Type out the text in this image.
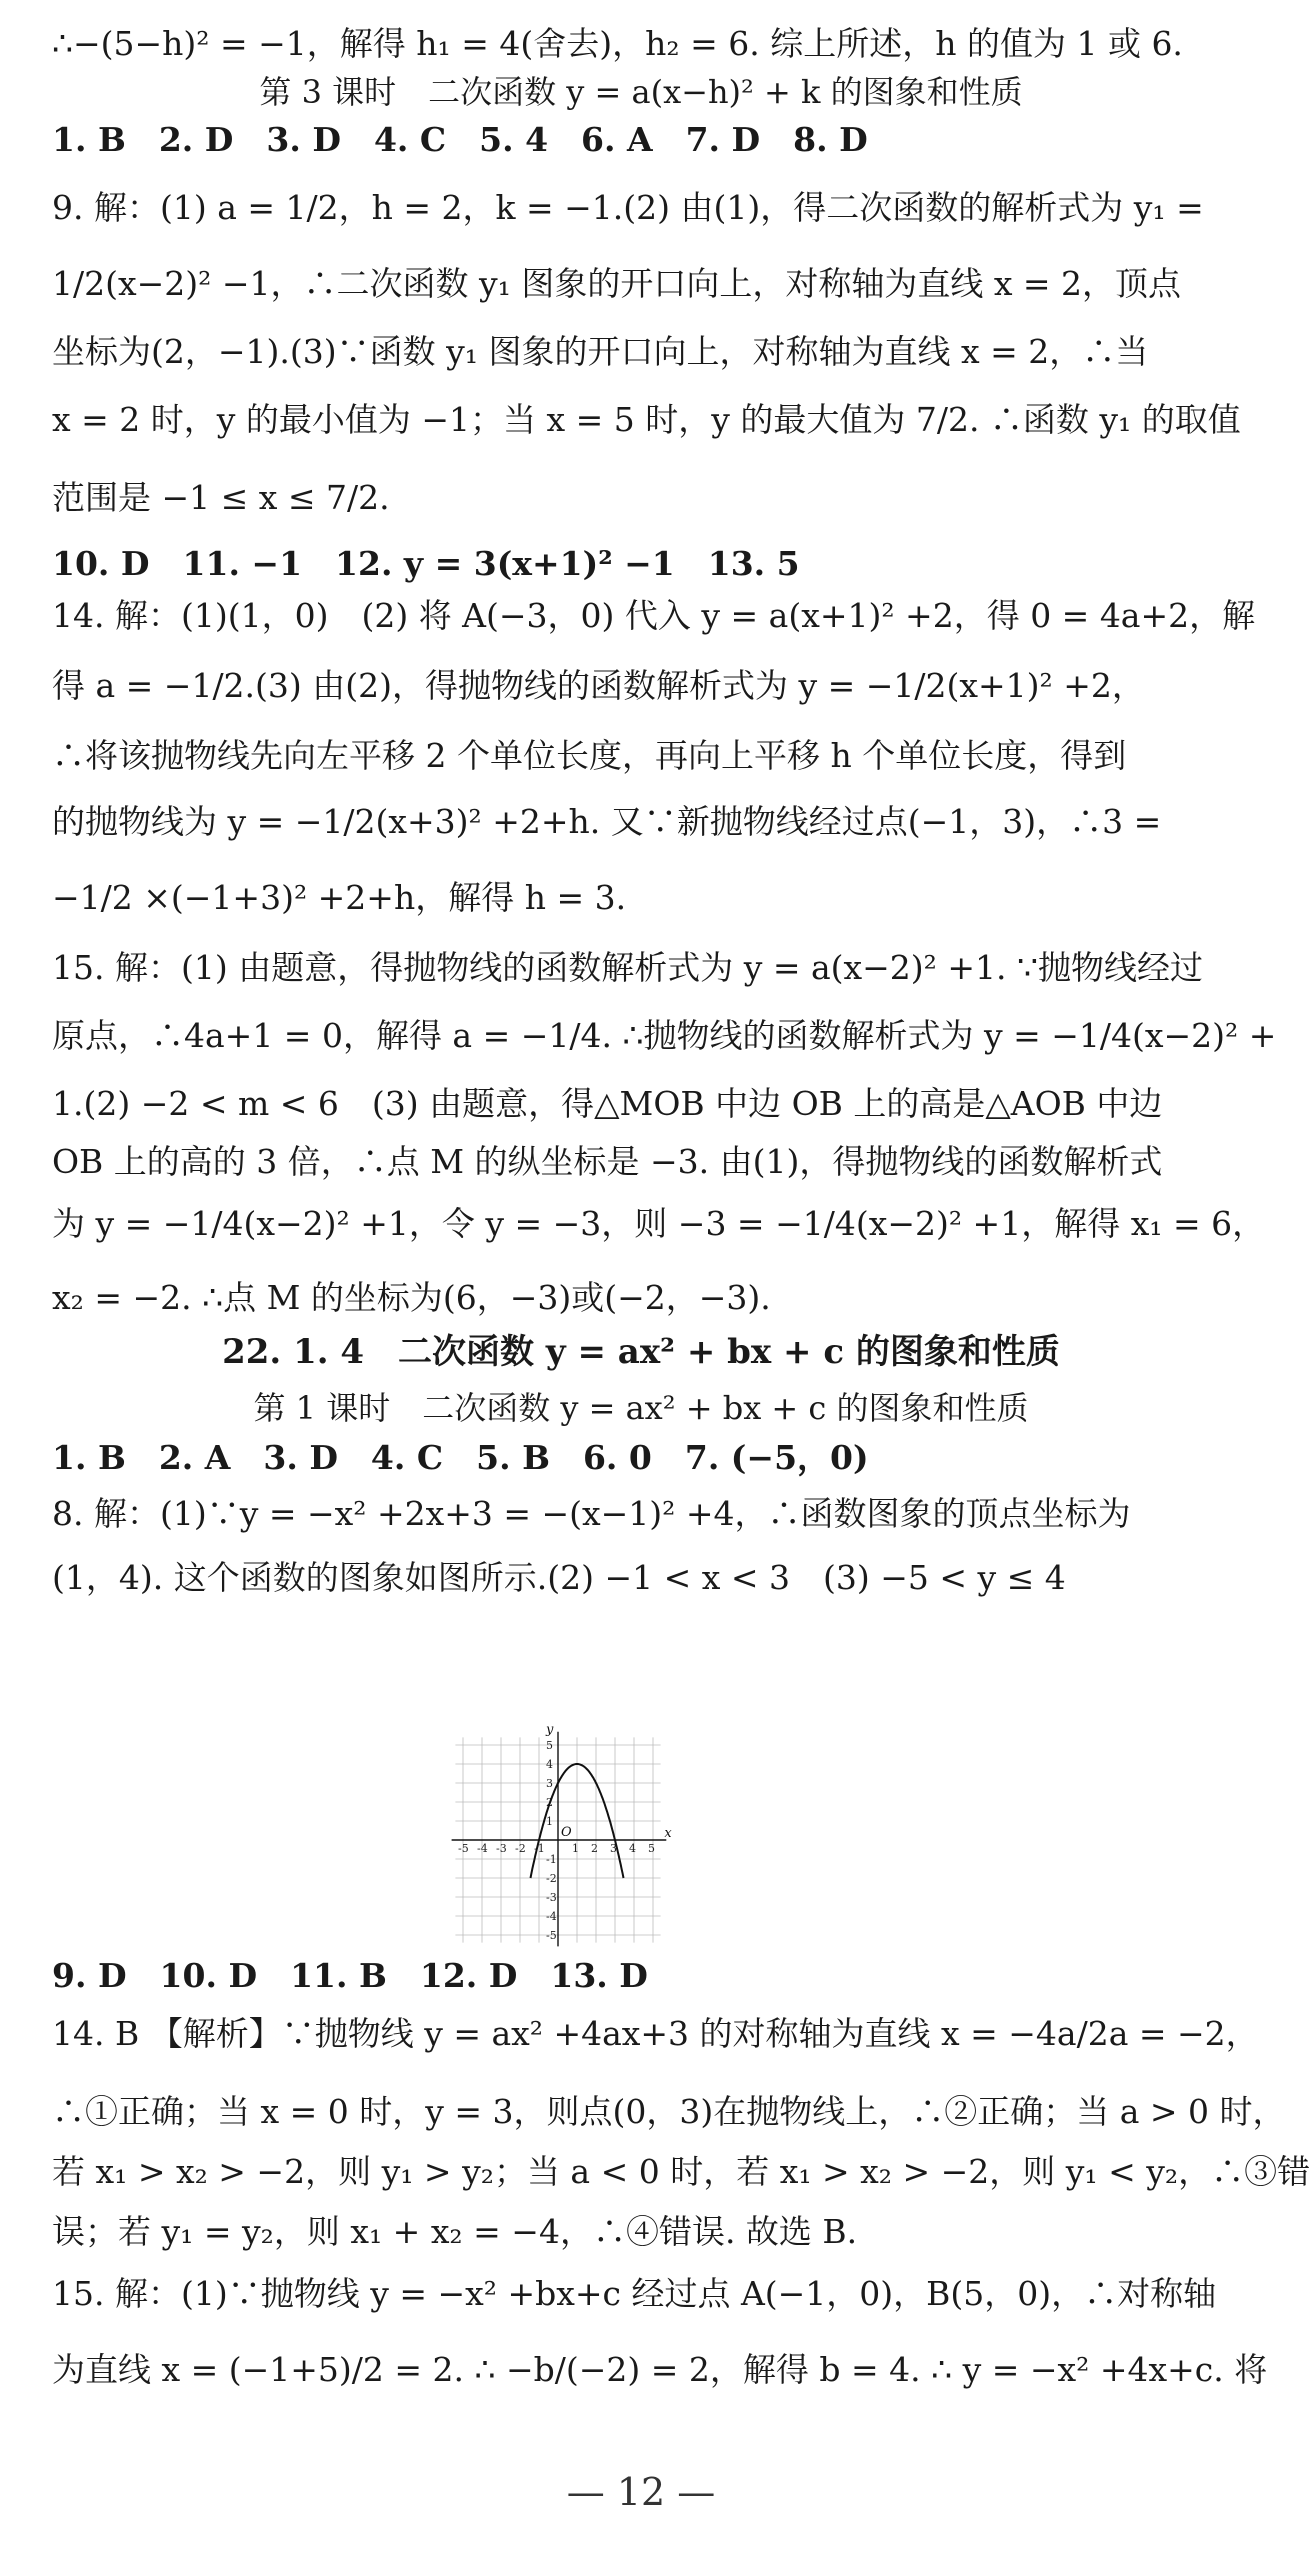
∴−(5−h)² = −1，解得 h₁ = 4(舍去)，h₂ = 6. 综上所述，h 的值为 1 或 6.
第 3 课时　二次函数 y = a(x−h)² + k 的图象和性质
1. B　2. D　3. D　4. C　5. 4　6. A　7. D　8. D
9. 解：(1) a = 1/2，h = 2，k = −1.(2) 由(1)，得二次函数的解析式为 y₁ =
1/2(x−2)² −1，∴二次函数 y₁ 图象的开口向上，对称轴为直线 x = 2，顶点
坐标为(2，−1).(3)∵函数 y₁ 图象的开口向上，对称轴为直线 x = 2，∴当
x = 2 时，y 的最小值为 −1；当 x = 5 时，y 的最大值为 7/2. ∴函数 y₁ 的取值
范围是 −1 ≤ x ≤ 7/2.
10. D　11. −1　12. y = 3(x+1)² −1　13. 5
14. 解：(1)(1，0)　(2) 将 A(−3，0) 代入 y = a(x+1)² +2，得 0 = 4a+2，解
得 a = −1/2.(3) 由(2)，得抛物线的函数解析式为 y = −1/2(x+1)² +2，
∴将该抛物线先向左平移 2 个单位长度，再向上平移 h 个单位长度，得到
的抛物线为 y = −1/2(x+3)² +2+h. 又∵新抛物线经过点(−1，3)，∴3 =
−1/2 ×(−1+3)² +2+h，解得 h = 3.
15. 解：(1) 由题意，得抛物线的函数解析式为 y = a(x−2)² +1. ∵抛物线经过
原点，∴4a+1 = 0，解得 a = −1/4. ∴抛物线的函数解析式为 y = −1/4(x−2)² +
1.(2) −2 < m < 6　(3) 由题意，得△MOB 中边 OB 上的高是△AOB 中边
OB 上的高的 3 倍，∴点 M 的纵坐标是 −3. 由(1)，得抛物线的函数解析式
为 y = −1/4(x−2)² +1，令 y = −3，则 −3 = −1/4(x−2)² +1，解得 x₁ = 6，
x₂ = −2. ∴点 M 的坐标为(6，−3)或(−2，−3).
22. 1. 4　二次函数 y = ax² + bx + c 的图象和性质
第 1 课时　二次函数 y = ax² + bx + c 的图象和性质
1. B　2. A　3. D　4. C　5. B　6. 0　7. (−5，0)
8. 解：(1)∵y = −x² +2x+3 = −(x−1)² +4，∴函数图象的顶点坐标为
(1，4). 这个函数的图象如图所示.(2) −1 < x < 3　(3) −5 < y ≤ 4
-5 -4 -3 -2 -1 1 2 3 4 5
5
4
3
2
1
-1
-2
-3
-4
-5
x
y
O
9. D　10. D　11. B　12. D　13. D
14. B 【解析】∵抛物线 y = ax² +4ax+3 的对称轴为直线 x = −4a/2a = −2，
∴①正确；当 x = 0 时，y = 3，则点(0，3)在抛物线上，∴②正确；当 a > 0 时，
若 x₁ > x₂ > −2，则 y₁ > y₂；当 a < 0 时，若 x₁ > x₂ > −2，则 y₁ < y₂，∴③错
误；若 y₁ = y₂，则 x₁ + x₂ = −4，∴④错误. 故选 B.
15. 解：(1)∵抛物线 y = −x² +bx+c 经过点 A(−1，0)，B(5，0)，∴对称轴
为直线 x = (−1+5)/2 = 2. ∴ −b/(−2) = 2，解得 b = 4. ∴ y = −x² +4x+c. 将
— 12 —
